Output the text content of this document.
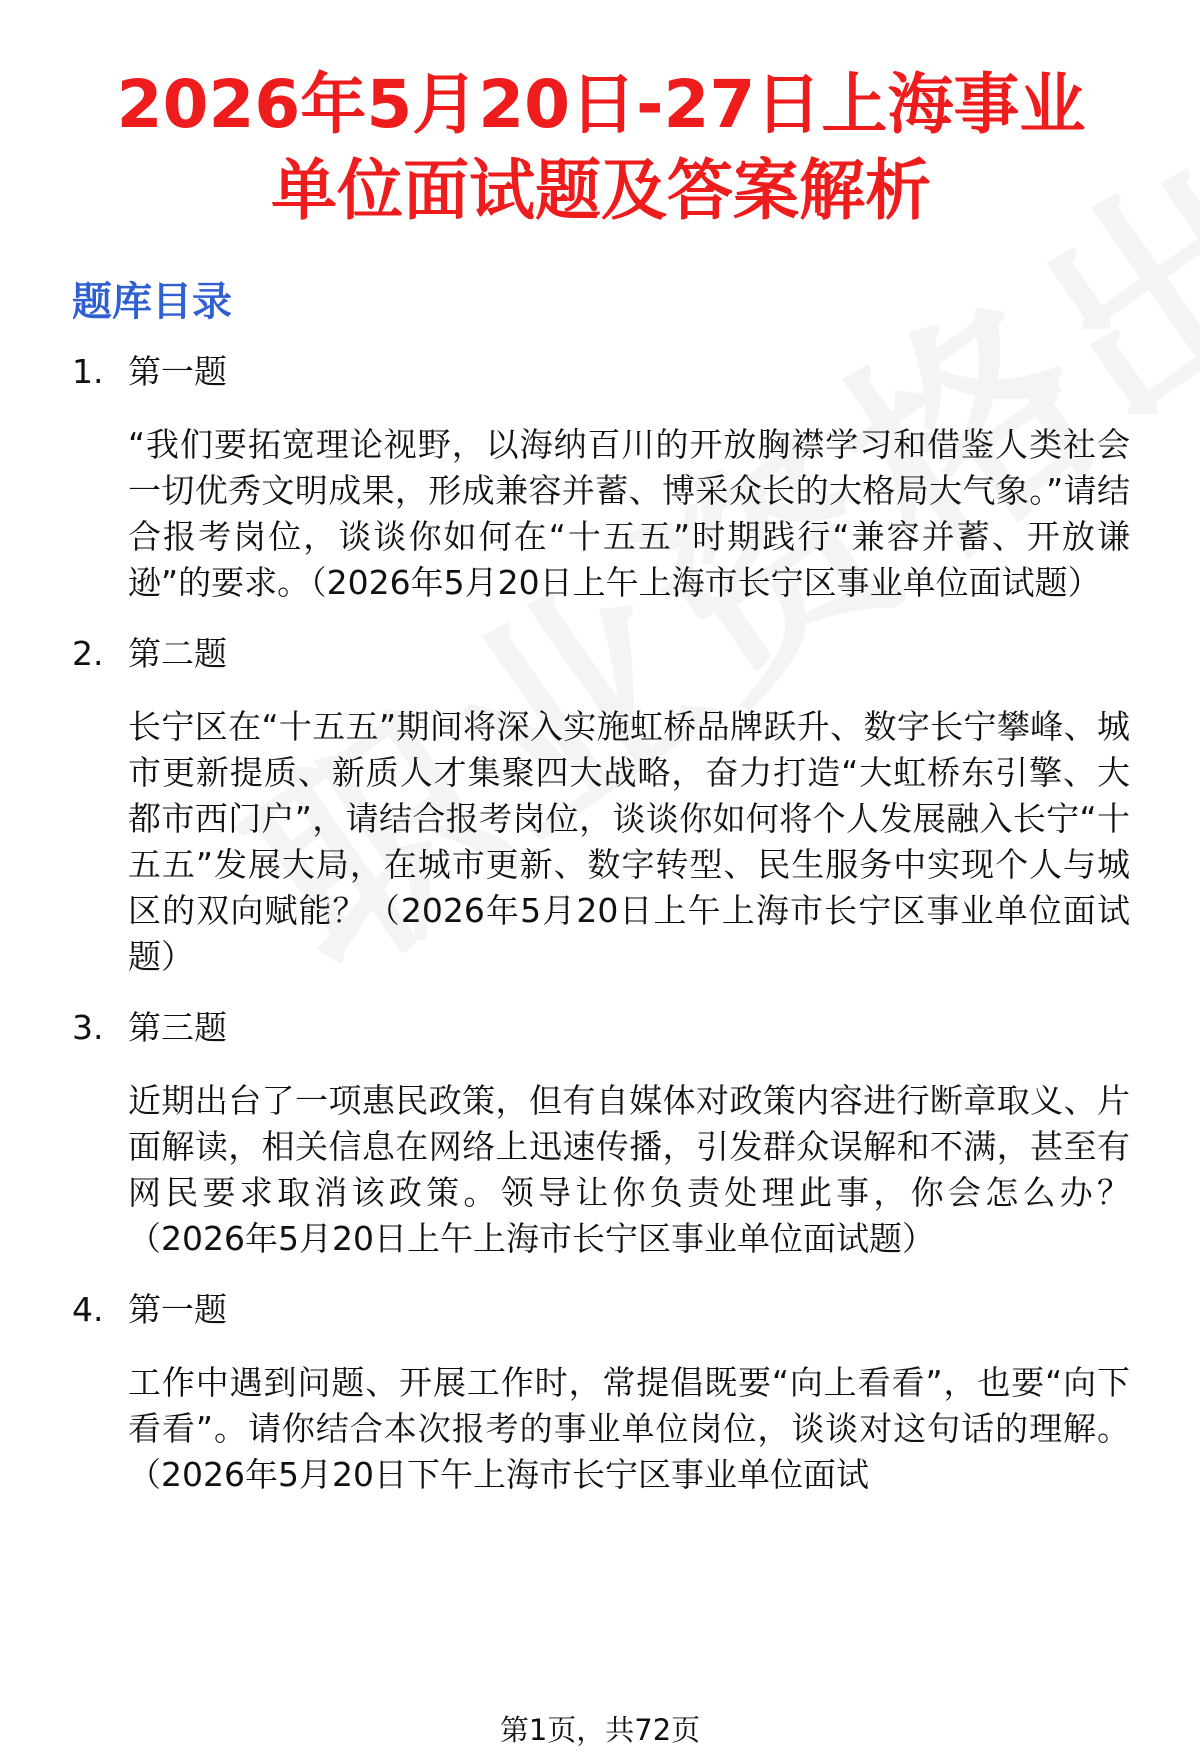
2026年5月20日-27日上海事业单位面试题及答案解析
题库目录
1. 第一题
“我们要拓宽理论视野，以海纳百川的开放胸襟学习和借鉴人类社会一切优秀文明成果，形成兼容并蓄、博采众长的大格局大气象。”请结合报考岗位，谈谈你如何在“十五五”时期践行“兼容并蓄、开放谦逊”的要求。（2026年5月20日上午上海市长宁区事业单位面试题）
2. 第二题
长宁区在“十五五”期间将深入实施虹桥品牌跃升、数字长宁攀峰、城市更新提质、新质人才集聚四大战略，奋力打造“大虹桥东引擎、大都市西门户”，请结合报考岗位，谈谈你如何将个人发展融入长宁“十五五”发展大局，在城市更新、数字转型、民生服务中实现个人与城区的双向赋能？（2026年5月20日上午上海市长宁区事业单位面试题）
3. 第三题
近期出台了一项惠民政策，但有自媒体对政策内容进行断章取义、片面解读，相关信息在网络上迅速传播，引发群众误解和不满，甚至有网民要求取消该政策。领导让你负责处理此事，你会怎么办？（2026年5月20日上午上海市长宁区事业单位面试题）
4. 第一题
工作中遇到问题、开展工作时，常提倡既要“向上看看”，也要“向下看看”。请你结合本次报考的事业单位岗位，谈谈对这句话的理解。（2026年5月20日下午上海市长宁区事业单位面试
第1页，共72页
